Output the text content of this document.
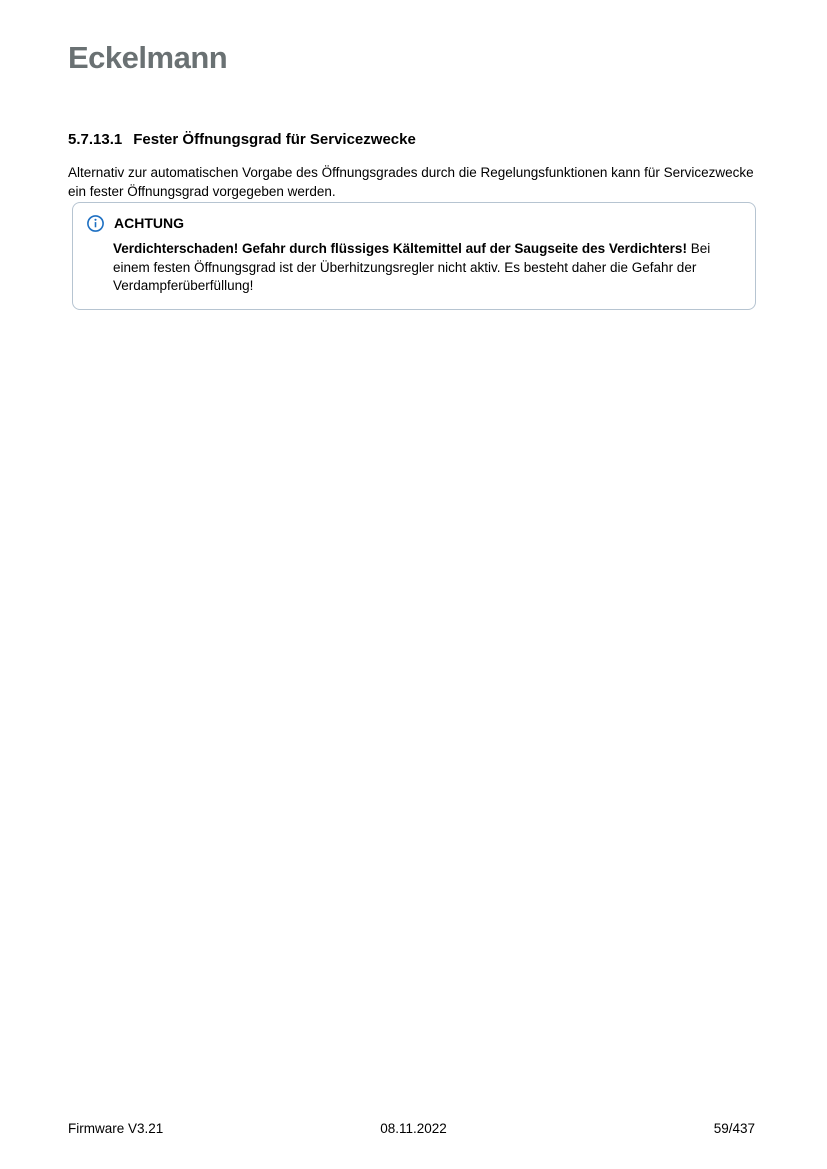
Eckelmann
5.7.13.1 Fester Öffnungsgrad für Servicezwecke

Alternativ zur automatischen Vorgabe des Öffnungsgrades durch die Regelungsfunktionen kann für Servicezwecke ein fester Öffnungsgrad vorgegeben werden.

ACHTUNG

Verdichterschaden! Gefahr durch flüssiges Kältemittel auf der Saugseite des Verdichters! Bei einem festen Öffnungsgrad ist der Überhitzungsregler nicht aktiv. Es besteht daher die Gefahr der Verdampferüberfüllung!

08.11.2022
Firmware V3.21	59/437
